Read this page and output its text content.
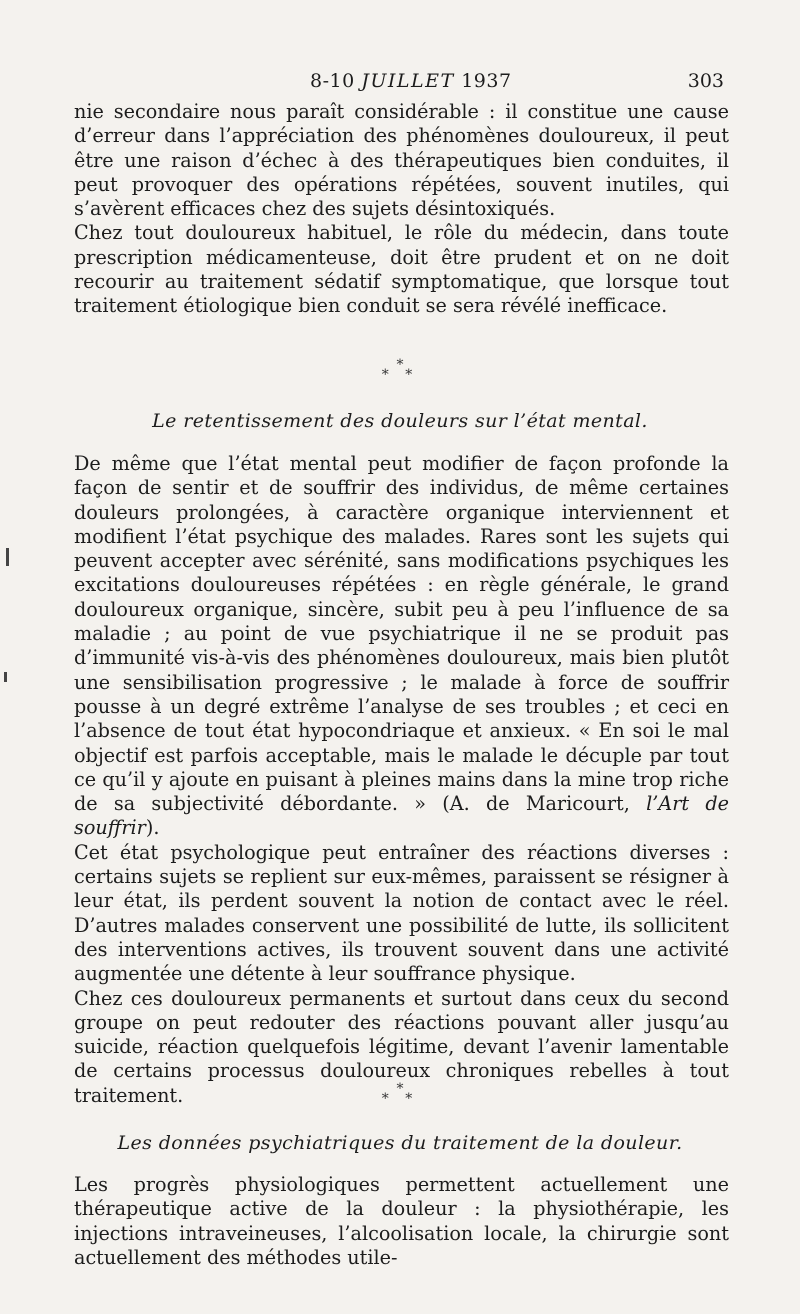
8-10 JUILLET 1937	303

nie secondaire nous paraît considérable : il constitue une cause d’erreur dans l’appréciation des phénomènes douloureux, il peut être une raison d’échec à des thérapeutiques bien conduites, il peut provoquer des opérations répétées, souvent inutiles, qui s’avèrent efficaces chez des sujets désintoxiqués.

Chez tout douloureux habituel, le rôle du médecin, dans toute prescription médicamenteuse, doit être prudent et on ne doit recourir au traitement sédatif symptomatique, que lorsque tout traitement étiologique bien conduit se sera révélé inefficace.

*
* *
Le retentissement des douleurs sur l’état mental.

De même que l’état mental peut modifier de façon profonde la façon de sentir et de souffrir des individus, de même certaines douleurs prolongées, à caractère organique interviennent et modifient l’état psychique des malades. Rares sont les sujets qui peuvent accepter avec sérénité, sans modifications psychiques les excitations douloureuses répétées : en règle générale, le grand douloureux organique, sincère, subit peu à peu l’influence de sa maladie ; au point de vue psychiatrique il ne se produit pas d’immunité vis-à-vis des phénomènes douloureux, mais bien plutôt une sensibilisation progressive ; le malade à force de souffrir pousse à un degré extrême l’analyse de ses troubles ; et ceci en l’absence de tout état hypocondriaque et anxieux. « En soi le mal objectif est parfois acceptable, mais le malade le décuple par tout ce qu’il y ajoute en puisant à pleines mains dans la mine trop riche de sa subjectivité débordante. » (A. de Maricourt, l’Art de souffrir).

Cet état psychologique peut entraîner des réactions diverses : certains sujets se replient sur eux-mêmes, paraissent se résigner à leur état, ils perdent souvent la notion de contact avec le réel. D’autres malades conservent une possibilité de lutte, ils sollicitent des interventions actives, ils trouvent souvent dans une activité augmentée une détente à leur souffrance physique.

Chez ces douloureux permanents et surtout dans ceux du second groupe on peut redouter des réactions pouvant aller jusqu’au suicide, réaction quelquefois légitime, devant l’avenir lamentable de certains processus douloureux chroniques rebelles à tout traitement.	*
* *
Les données psychiatriques du traitement de la douleur.

Les progrès physiologiques permettent actuellement une thérapeutique active de la douleur : la physiothérapie, les injections intraveineuses, l’alcoolisation locale, la chirurgie sont actuellement des méthodes utile-
